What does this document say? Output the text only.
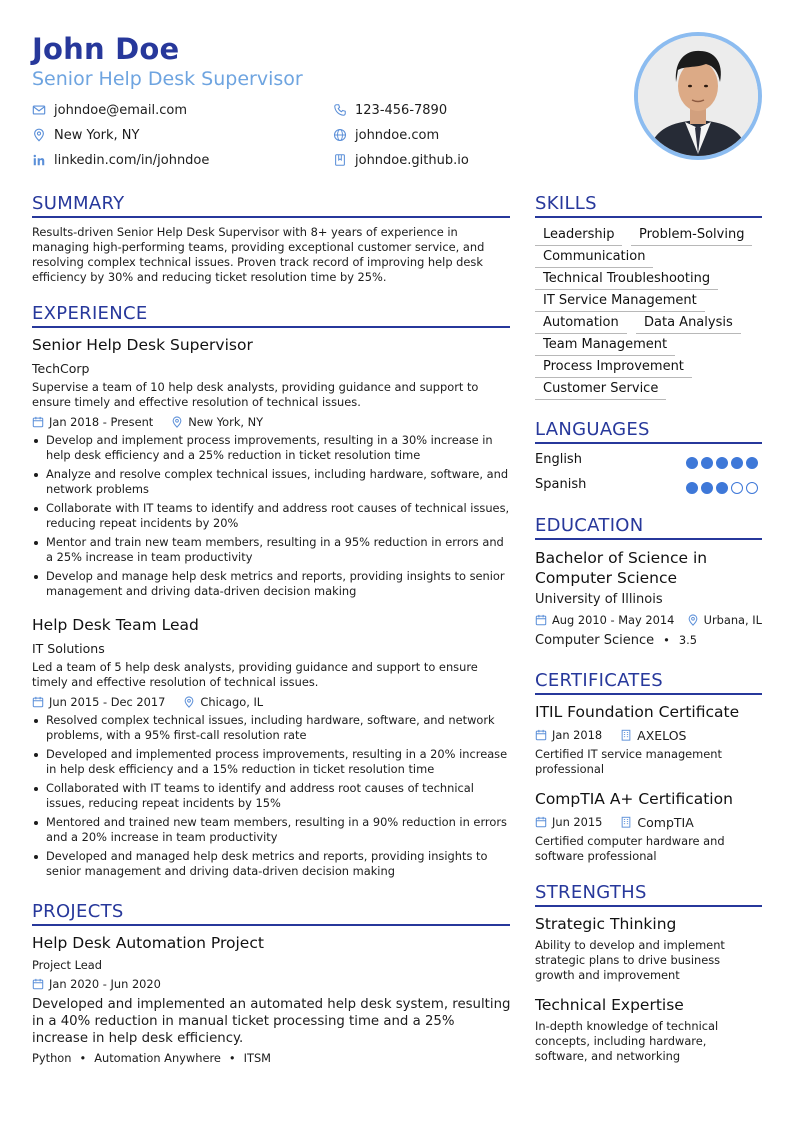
John Doe
Senior Help Desk Supervisor
johndoe@email.com	123-456-7890
New York, NY	johndoe.com
linkedin.com/in/johndoe	johndoe.github.io
SUMMARY
Results-driven Senior Help Desk Supervisor with 8+ years of experience in managing high-performing teams, providing exceptional customer service, and resolving complex technical issues. Proven track record of improving help desk efficiency by 30% and reducing ticket resolution time by 25%.
EXPERIENCE
Senior Help Desk Supervisor
TechCorp
Supervise a team of 10 help desk analysts, providing guidance and support to ensure timely and effective resolution of technical issues.
Jan 2018 - Present	New York, NY
Develop and implement process improvements, resulting in a 30% increase in help desk efficiency and a 25% reduction in ticket resolution time
Analyze and resolve complex technical issues, including hardware, software, and network problems
Collaborate with IT teams to identify and address root causes of technical issues, reducing repeat incidents by 20%
Mentor and train new team members, resulting in a 95% reduction in errors and a 25% increase in team productivity
Develop and manage help desk metrics and reports, providing insights to senior management and driving data-driven decision making
Help Desk Team Lead
IT Solutions
Led a team of 5 help desk analysts, providing guidance and support to ensure timely and effective resolution of technical issues.
Jun 2015 - Dec 2017	Chicago, IL
Resolved complex technical issues, including hardware, software, and network problems, with a 95% first-call resolution rate
Developed and implemented process improvements, resulting in a 20% increase in help desk efficiency and a 15% reduction in ticket resolution time
Collaborated with IT teams to identify and address root causes of technical issues, reducing repeat incidents by 15%
Mentored and trained new team members, resulting in a 90% reduction in errors and a 20% increase in team productivity
Developed and managed help desk metrics and reports, providing insights to senior management and driving data-driven decision making
PROJECTS
Help Desk Automation Project
Project Lead
Jan 2020 - Jun 2020
Developed and implemented an automated help desk system, resulting in a 40% reduction in manual ticket processing time and a 25% increase in help desk efficiency.
Python • Automation Anywhere • ITSM
SKILLS
Leadership	Problem-Solving
Communication
Technical Troubleshooting
IT Service Management
Automation	Data Analysis
Team Management
Process Improvement
Customer Service
LANGUAGES
English
Spanish
EDUCATION
Bachelor of Science in Computer Science
University of Illinois
Aug 2010 - May 2014	Urbana, IL
Computer Science • 3.5
CERTIFICATES
ITIL Foundation Certificate
Jan 2018	AXELOS
Certified IT service management professional
CompTIA A+ Certification
Jun 2015	CompTIA
Certified computer hardware and software professional
STRENGTHS
Strategic Thinking
Ability to develop and implement strategic plans to drive business growth and improvement
Technical Expertise
In-depth knowledge of technical concepts, including hardware, software, and networking
